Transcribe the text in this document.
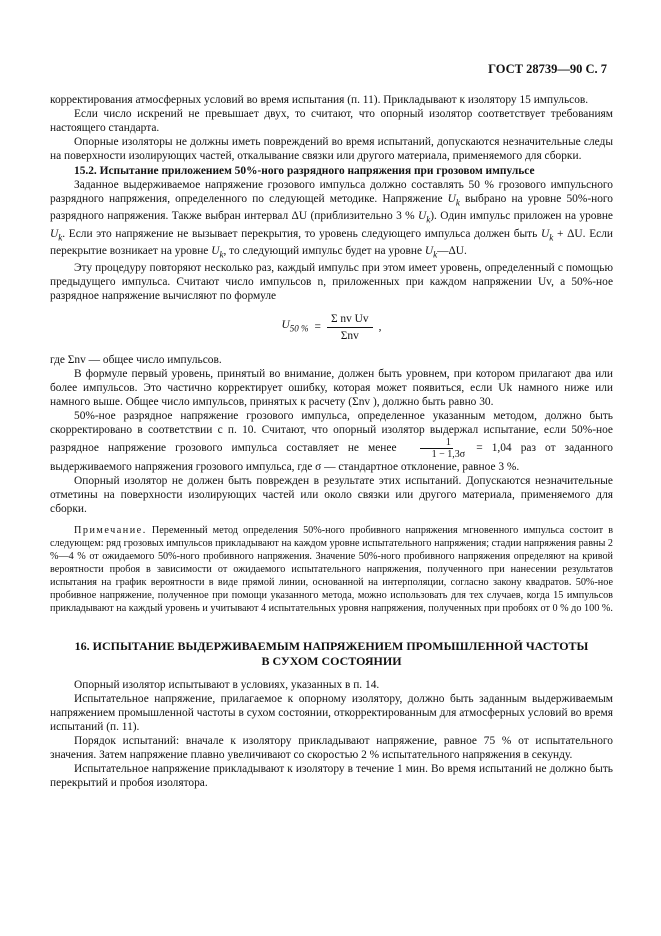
ГОСТ 28739—90 С. 7

корректирования атмосферных условий во время испытания (п. 11). Прикладывают к изолятору 15 импульсов.

Если число искрений не превышает двух, то считают, что опорный изолятор соответствует требованиям настоящего стандарта.

Опорные изоляторы не должны иметь повреждений во время испытаний, допускаются незначительные следы на поверхности изолирующих частей, откалывание связки или другого материала, применяемого для сборки.

15.2. Испытание приложением 50%-ного разрядного напряжения при грозовом импульсе

Заданное выдерживаемое напряжение грозового импульса должно составлять 50 % грозового импульсного разрядного напряжения, определенного по следующей методике. Напряжение $U_k$ выбрано на уровне 50%-ного разрядного напряжения. Также выбран интервал ΔU (приблизительно 3 % $U_k$). Один импульс приложен на уровне $U_k$. Если это напряжение не вызывает перекрытия, то уровень следующего импульса должен быть $U_k + \Delta U$. Если перекрытие возникает на уровне $U_k$, то следующий импульс будет на уровне $U_k—\Delta U$.

Эту процедуру повторяют несколько раз, каждый импульс при этом имеет уровень, определенный с помощью предыдущего импульса. Считают число импульсов n, приложенных при каждом напряжении Uv, а 50%-ное разрядное напряжение вычисляют по формуле

$U_{50 \%} = \frac{\text{Σ nv Uv}}{\text{Σnv}}$ ,

где Σnv — общее число импульсов.

В формуле первый уровень, принятый во внимание, должен быть уровнем, при котором прилагают два или более импульсов. Это частично корректирует ошибку, которая может появиться, если Uk намного ниже или намного выше. Общее число импульсов, принятых к расчету (Σnv ), должно быть равно 30.

50%-ное разрядное напряжение грозового импульса, определенное указанным методом, должно быть скорректировано в соответствии с п. 10. Считают, что опорный изолятор выдержал испытание, если 50%-ное разрядное напряжение грозового импульса составляет не менее $\frac{1}{1 - 1,3\sigma} = 1,04$ раз от заданного выдерживаемого напряжения грозового импульса, где σ — стандартное отклонение, равное 3 %.

Опорный изолятор не должен быть поврежден в результате этих испытаний. Допускаются незначительные отметины на поверхности изолирующих частей или около связки или другого материала, применяемого для сборки.

Примечание. Переменный метод определения 50%-ного пробивного напряжения мгновенного импульса состоит в следующем: ряд грозовых импульсов прикладывают на каждом уровне испытательного напряжения; стадии напряжения равны 2 %—4 % от ожидаемого 50%-ного пробивного напряжения. Значение 50%-ного пробивного напряжения определяют на кривой вероятности пробоя в зависимости от ожидаемого испытательного напряжения, полученного при нанесении результатов испытания на график вероятности в виде прямой линии, основанной на интерполяции, согласно закону квадратов. 50%-ное пробивное напряжение, полученное при помощи указанного метода, можно использовать для тех случаев, когда 15 импульсов прикладывают на каждый уровень и учитывают 4 испытательных уровня напряжения, полученных при пробоях от 0 % до 100 %.

16. ИСПЫТАНИЕ ВЫДЕРЖИВАЕМЫМ НАПРЯЖЕНИЕМ ПРОМЫШЛЕННОЙ ЧАСТОТЫ
В СУХОМ СОСТОЯНИИ

Опорный изолятор испытывают в условиях, указанных в п. 14.

Испытательное напряжение, прилагаемое к опорному изолятору, должно быть заданным выдерживаемым напряжением промышленной частоты в сухом состоянии, откорректированным для атмосферных условий во время испытаний (п. 11).

Порядок испытаний: вначале к изолятору прикладывают напряжение, равное 75 % от испытательного значения. Затем напряжение плавно увеличивают со скоростью 2 % испытательного напряжения в секунду.

Испытательное напряжение прикладывают к изолятору в течение 1 мин. Во время испытаний не должно быть перекрытий и пробоя изолятора.
